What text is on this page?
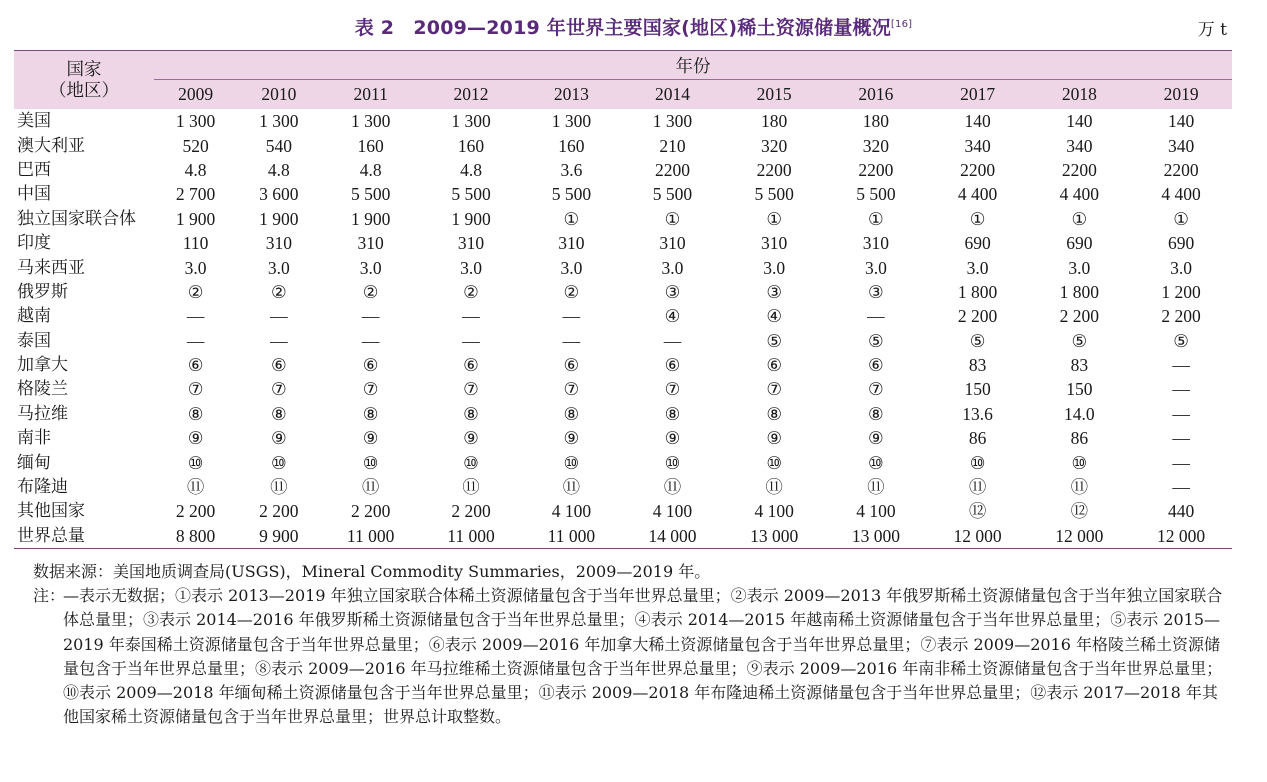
表 2　2009—2019 年世界主要国家(地区)稀土资源储量概况[16]	万 t
国家
（地区）	年份										
	2009	2010	2011	2012	2013	2014	2015	2016	2017	2018	2019
美国	1 300	1 300	1 300	1 300	1 300	1 300	180	180	140	140	140
澳大利亚	520	540	160	160	160	210	320	320	340	340	340
巴西	4.8	4.8	4.8	4.8	3.6	2200	2200	2200	2200	2200	2200
中国	2 700	3 600	5 500	5 500	5 500	5 500	5 500	5 500	4 400	4 400	4 400
独立国家联合体	1 900	1 900	1 900	1 900	①	①	①	①	①	①	①
印度	110	310	310	310	310	310	310	310	690	690	690
马来西亚	3.0	3.0	3.0	3.0	3.0	3.0	3.0	3.0	3.0	3.0	3.0
俄罗斯	②	②	②	②	②	③	③	③	1 800	1 800	1 200
越南	—	—	—	—	—	④	④	—	2 200	2 200	2 200
泰国	—	—	—	—	—	—	⑤	⑤	⑤	⑤	⑤
加拿大	⑥	⑥	⑥	⑥	⑥	⑥	⑥	⑥	83	83	—
格陵兰	⑦	⑦	⑦	⑦	⑦	⑦	⑦	⑦	150	150	—
马拉维	⑧	⑧	⑧	⑧	⑧	⑧	⑧	⑧	13.6	14.0	—
南非	⑨	⑨	⑨	⑨	⑨	⑨	⑨	⑨	86	86	—
缅甸	⑩	⑩	⑩	⑩	⑩	⑩	⑩	⑩	⑩	⑩	—
布隆迪	⑪	⑪	⑪	⑪	⑪	⑪	⑪	⑪	⑪	⑪	—
其他国家	2 200	2 200	2 200	2 200	4 100	4 100	4 100	4 100	⑫	⑫	440
世界总量	8 800	9 900	11 000	11 000	11 000	14 000	13 000	13 000	12 000	12 000	12 000
数据来源：美国地质调查局(USGS)，Mineral Commodity Summaries，2009—2019 年。
注：
—表示无数据；①表示 2013—2019 年独立国家联合体稀土资源储量包含于当年世界总量里；②表示 2009—2013 年俄罗斯稀土资源储量包含于当年独立国家联合体总量里；③表示 2014—2016 年俄罗斯稀土资源储量包含于当年世界总量里；④表示 2014—2015 年越南稀土资源储量包含于当年世界总量里；⑤表示 2015—2019 年泰国稀土资源储量包含于当年世界总量里；⑥表示 2009—2016 年加拿大稀土资源储量包含于当年世界总量里；⑦表示 2009—2016 年格陵兰稀土资源储量包含于当年世界总量里；⑧表示 2009—2016 年马拉维稀土资源储量包含于当年世界总量里；⑨表示 2009—2016 年南非稀土资源储量包含于当年世界总量里；⑩表示 2009—2018 年缅甸稀土资源储量包含于当年世界总量里；⑪表示 2009—2018 年布隆迪稀土资源储量包含于当年世界总量里；⑫表示 2017—2018 年其他国家稀土资源储量包含于当年世界总量里；世界总计取整数。
